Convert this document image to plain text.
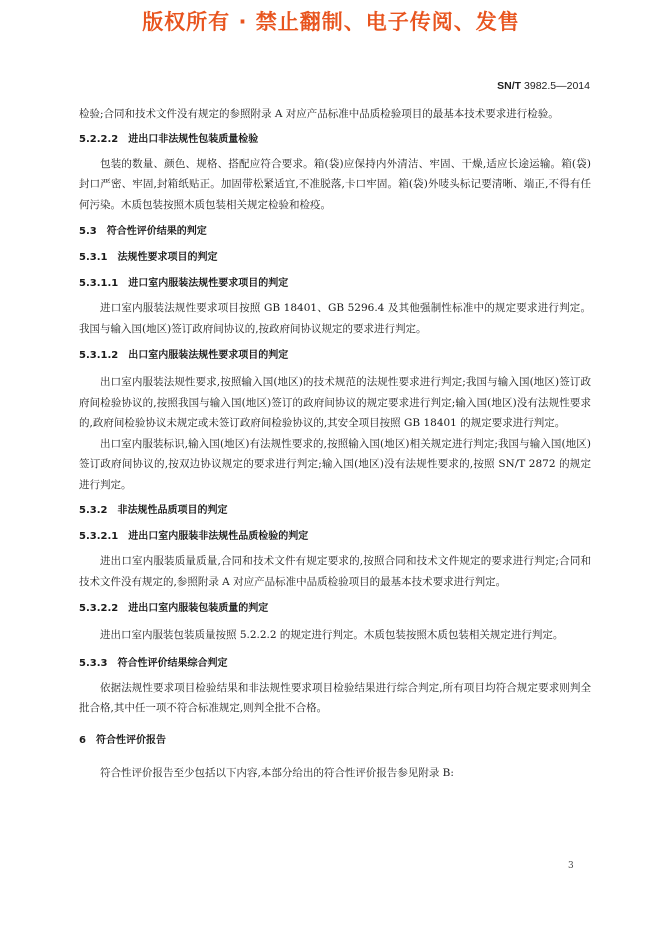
版权所有 · 禁止翻制、电子传阅、发售
SN/T 3982.5—2014
检验;合同和技术文件没有规定的参照附录 A 对应产品标准中品质检验项目的最基本技术要求进行检验。
5.2.2.2 进出口非法规性包装质量检验
包装的数量、颜色、规格、搭配应符合要求。箱(袋)应保持内外清洁、牢固、干燥,适应长途运输。箱(袋)封口严密、牢固,封箱纸贴正。加固带松紧适宜,不准脱落,卡口牢固。箱(袋)外唛头标记要清晰、端正,不得有任何污染。木质包装按照木质包装相关规定检验和检疫。
5.3 符合性评价结果的判定
5.3.1 法规性要求项目的判定
5.3.1.1 进口室内服装法规性要求项目的判定
进口室内服装法规性要求项目按照 GB 18401、GB 5296.4 及其他强制性标准中的规定要求进行判定。我国与输入国(地区)签订政府间协议的,按政府间协议规定的要求进行判定。
5.3.1.2 出口室内服装法规性要求项目的判定
出口室内服装法规性要求,按照输入国(地区)的技术规范的法规性要求进行判定;我国与输入国(地区)签订政府间检验协议的,按照我国与输入国(地区)签订的政府间协议的规定要求进行判定;输入国(地区)没有法规性要求的,政府间检验协议未规定或未签订政府间检验协议的,其安全项目按照 GB 18401 的规定要求进行判定。
出口室内服装标识,输入国(地区)有法规性要求的,按照输入国(地区)相关规定进行判定;我国与输入国(地区)签订政府间协议的,按双边协议规定的要求进行判定;输入国(地区)没有法规性要求的,按照 SN/T 2872 的规定进行判定。
5.3.2 非法规性品质项目的判定
5.3.2.1 进出口室内服装非法规性品质检验的判定
进出口室内服装质量质量,合同和技术文件有规定要求的,按照合同和技术文件规定的要求进行判定;合同和技术文件没有规定的,参照附录 A 对应产品标准中品质检验项目的最基本技术要求进行判定。
5.3.2.2 进出口室内服装包装质量的判定
进出口室内服装包装质量按照 5.2.2.2 的规定进行判定。木质包装按照木质包装相关规定进行判定。
5.3.3 符合性评价结果综合判定
依据法规性要求项目检验结果和非法规性要求项目检验结果进行综合判定,所有项目均符合规定要求则判全批合格,其中任一项不符合标准规定,则判全批不合格。
6 符合性评价报告
符合性评价报告至少包括以下内容,本部分给出的符合性评价报告参见附录 B:
3
